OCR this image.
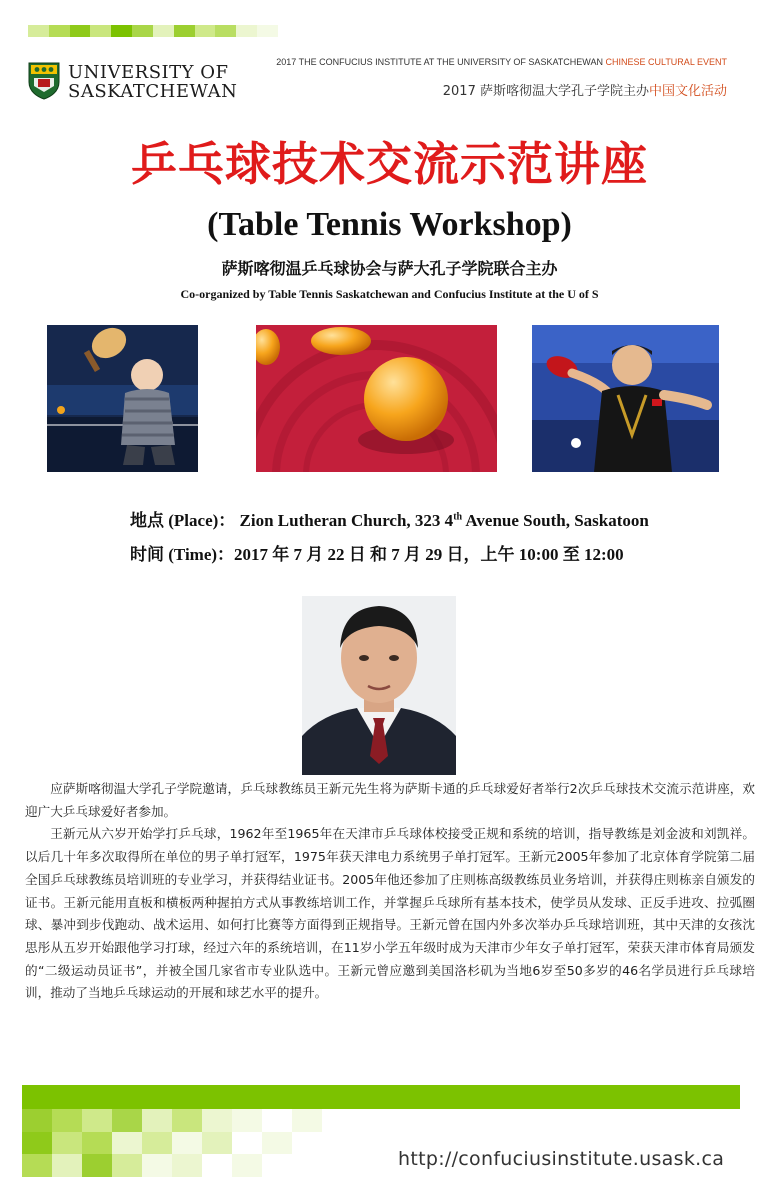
UNIVERSITY OF
SASKATCHEWAN
2017 THE CONFUCIUS INSTITUTE AT THE UNIVERSITY OF SASKATCHEWAN CHINESE CULTURAL EVENT
2017 萨斯喀彻温大学孔子学院主办中国文化活动
乒乓球技术交流示范讲座
(Table Tennis Workshop)
萨斯喀彻温乒乓球协会与萨大孔子学院联合主办
Co-organized by Table Tennis Saskatchewan and Confucius Institute at the U of S
地点 (Place)： Zion Lutheran Church, 323 4th Avenue South, Saskatoon
时间 (Time)：2017 年 7 月 22 日 和 7 月 29 日，上午 10:00 至 12:00

应萨斯喀彻温大学孔子学院邀请，乒乓球教练员王新元先生将为萨斯卡通的乒乓球爱好者举行2次乒乓球技术交流示范讲座，欢迎广大乒乓球爱好者参加。

王新元从六岁开始学打乒乓球，1962年至1965年在天津市乒乓球体校接受正规和系统的培训，指导教练是刘金波和刘凯祥。以后几十年多次取得所在单位的男子单打冠军，1975年获天津电力系统男子单打冠军。王新元2005年参加了北京体育学院第二届全国乒乓球教练员培训班的专业学习，并获得结业证书。2005年他还参加了庄则栋高级教练员业务培训，并获得庄则栋亲自颁发的证书。王新元能用直板和横板两种握拍方式从事教练培训工作，并掌握乒乓球所有基本技术，使学员从发球、正反手进攻、拉弧圈球、暴冲到步伐跑动、战术运用、如何打比赛等方面得到正规指导。王新元曾在国内外多次举办乒乓球培训班，其中天津的女孩沈思彤从五岁开始跟他学习打球，经过六年的系统培训，在11岁小学五年级时成为天津市少年女子单打冠军，荣获天津市体育局颁发的“二级运动员证书”，并被全国几家省市专业队选中。王新元曾应邀到美国洛杉矶为当地6岁至50多岁的46名学员进行乒乓球培训，推动了当地乒乓球运动的开展和球艺水平的提升。

http://confuciusinstitute.usask.ca
